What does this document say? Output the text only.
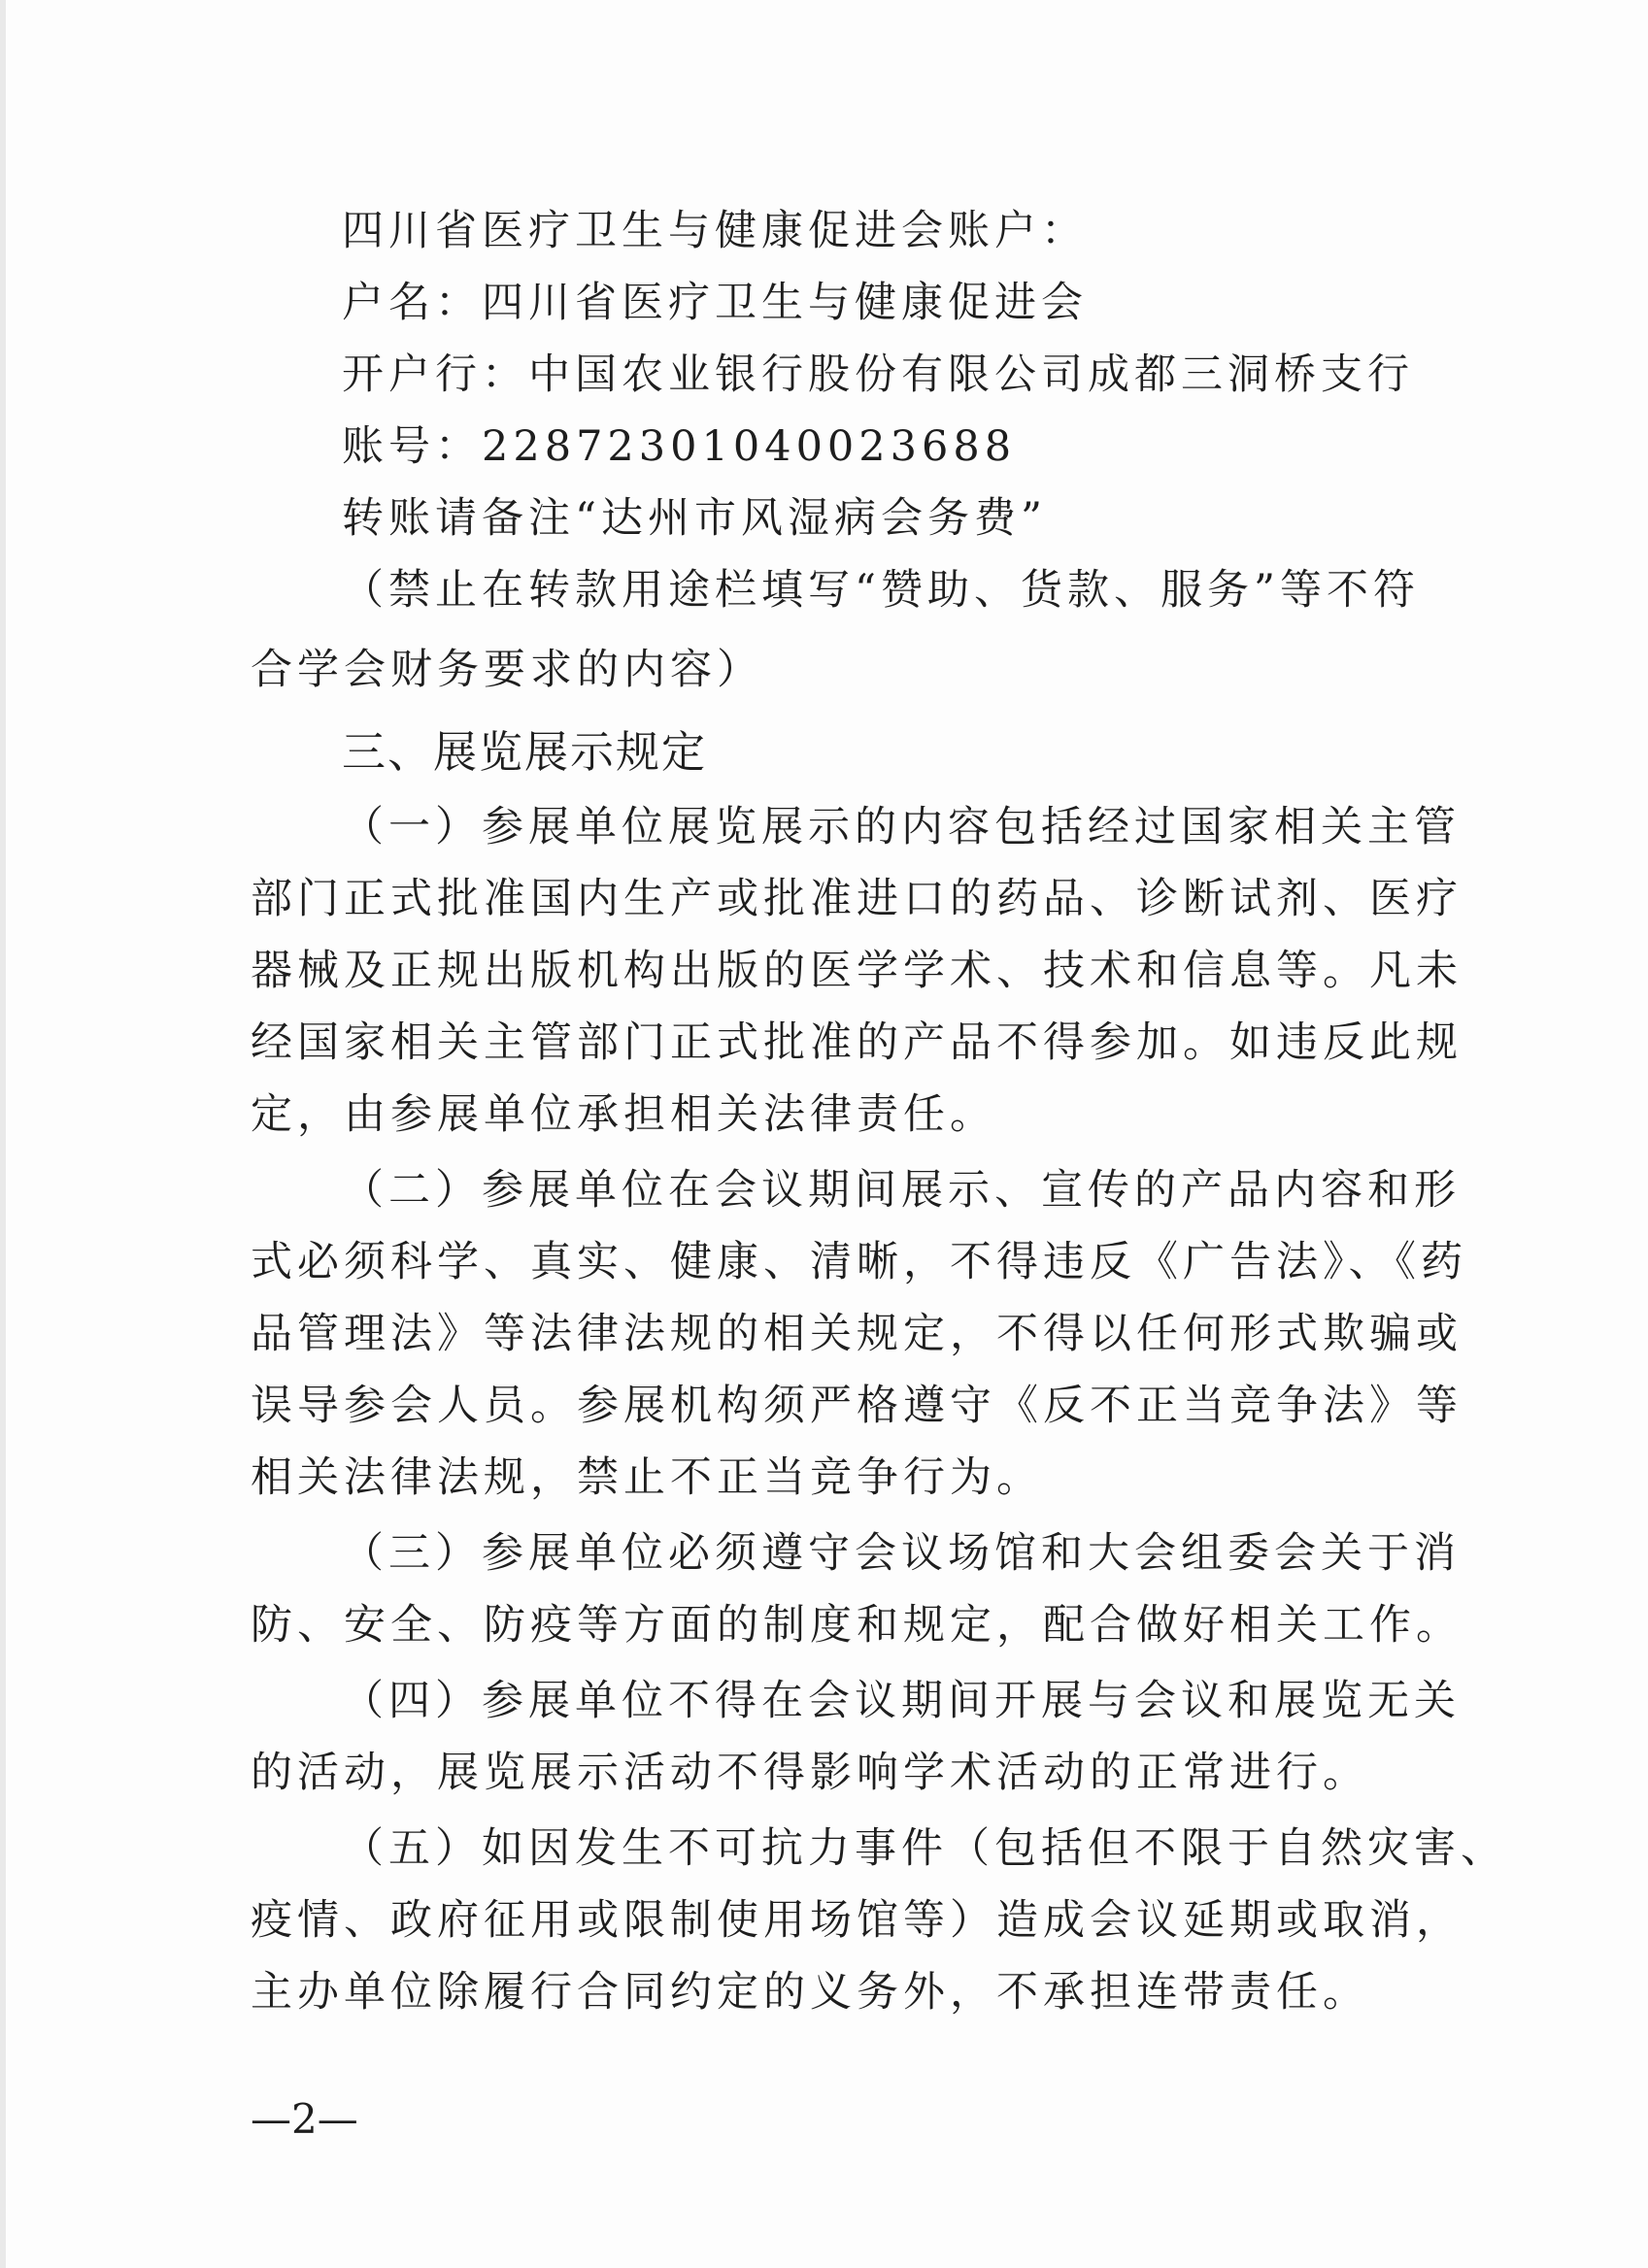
四川省医疗卫生与健康促进会账户：
户名：四川省医疗卫生与健康促进会
开户行：中国农业银行股份有限公司成都三洞桥支行
账号：22872301040023688
转账请备注“达州市风湿病会务费”
（禁止在转款用途栏填写“赞助、货款、服务”等不符
合学会财务要求的内容）
三、展览展示规定
（一）参展单位展览展示的内容包括经过国家相关主管
部门正式批准国内生产或批准进口的药品、诊断试剂、医疗
器械及正规出版机构出版的医学学术、技术和信息等。凡未
经国家相关主管部门正式批准的产品不得参加。如违反此规
定，由参展单位承担相关法律责任。
（二）参展单位在会议期间展示、宣传的产品内容和形
式必须科学、真实、健康、清晰，不得违反《广告法》、《药
品管理法》等法律法规的相关规定，不得以任何形式欺骗或
误导参会人员。参展机构须严格遵守《反不正当竞争法》等
相关法律法规，禁止不正当竞争行为。
（三）参展单位必须遵守会议场馆和大会组委会关于消
防、安全、防疫等方面的制度和规定，配合做好相关工作。
（四）参展单位不得在会议期间开展与会议和展览无关
的活动，展览展示活动不得影响学术活动的正常进行。
（五）如因发生不可抗力事件（包括但不限于自然灾害、
疫情、政府征用或限制使用场馆等）造成会议延期或取消，
主办单位除履行合同约定的义务外，不承担连带责任。
—2—
